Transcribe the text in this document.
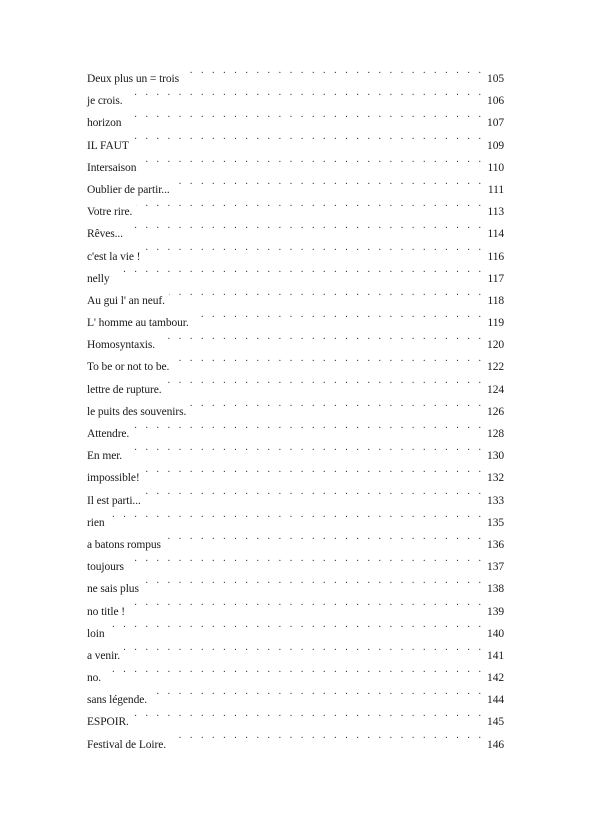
Deux plus un = trois . . .	105
je crois. . . .	106
horizon . . .	107
IL FAUT . . .	109
Intersaison . . .	110
Oublier de partir... . . .	111
Votre rire. . . .	113
Rêves... . . .	114
c'est la vie ! . . .	116
nelly . . .	117
Au gui l' an neuf. . . .	118
L' homme au tambour. . . .	119
Homosyntaxis. . . .	120
To be or not to be. . . .	122
lettre de rupture. . . .	124
le puits des souvenirs. . . .	126
Attendre. . . .	128
En mer. . . .	130
impossible! . . .	132
Il est parti... . . .	133
rien . . .	135
a batons rompus . . .	136
toujours . . .	137
ne sais plus . . .	138
no title ! . . .	139
loin . . .	140
a venir. . . .	141
no. . . .	142
sans légende. . . .	144
ESPOIR. . . .	145
Festival de Loire. . . .	146
